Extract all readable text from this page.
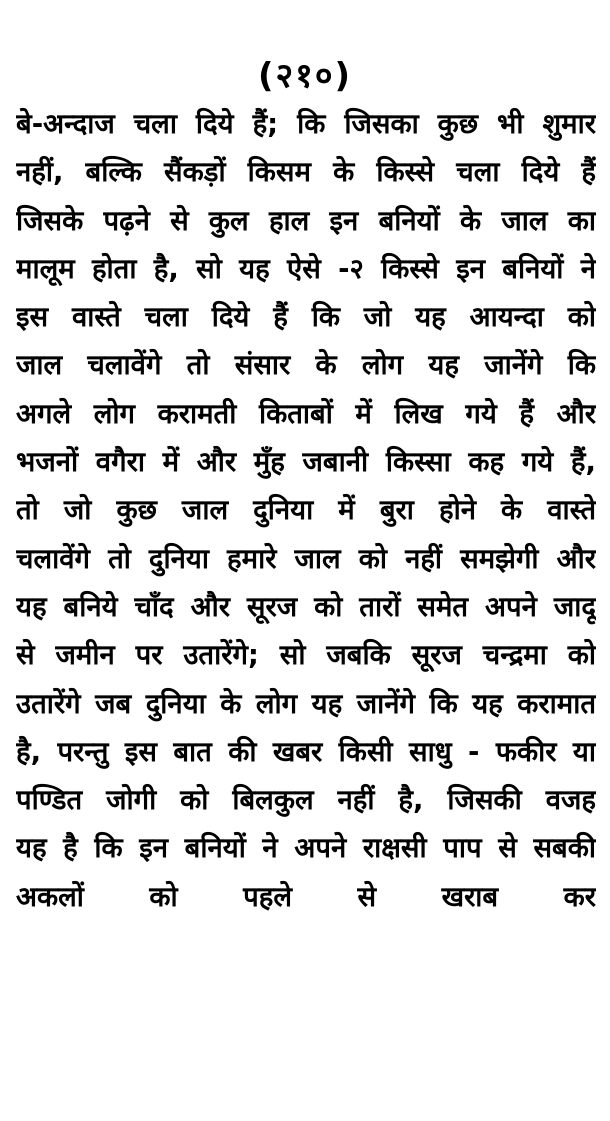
(२१०)
बे-अन्दाज चला दिये हैं; कि जिसका कुछ भी शुमार
नहीं, बल्कि सैंकड़ों किसम के किस्से चला दिये हैं
जिसके पढ़ने से कुल हाल इन बनियों के जाल का
मालूम होता है, सो यह ऐसे -२ किस्से इन बनियों ने
इस वास्ते चला दिये हैं कि जो यह आयन्दा को
जाल चलावेंगे तो संसार के लोग यह जानेंगे कि
अगले लोग करामती किताबों में लिख गये हैं और
भजनों वगैरा में और मुँह जबानी किस्सा कह गये हैं,
तो जो कुछ जाल दुनिया में बुरा होने के वास्ते
चलावेंगे तो दुनिया हमारे जाल को नहीं समझेगी और
यह बनिये चाँद और सूरज को तारों समेत अपने जादू
से जमीन पर उतारेंगे; सो जबकि सूरज चन्द्रमा को
उतारेंगे जब दुनिया के लोग यह जानेंगे कि यह करामात
है, परन्तु इस बात की खबर किसी साधु - फकीर या
पण्डित जोगी को बिलकुल नहीं है, जिसकी वजह
यह है कि इन बनियों ने अपने राक्षसी पाप से सबकी
अकलों को पहले से खराब कर
